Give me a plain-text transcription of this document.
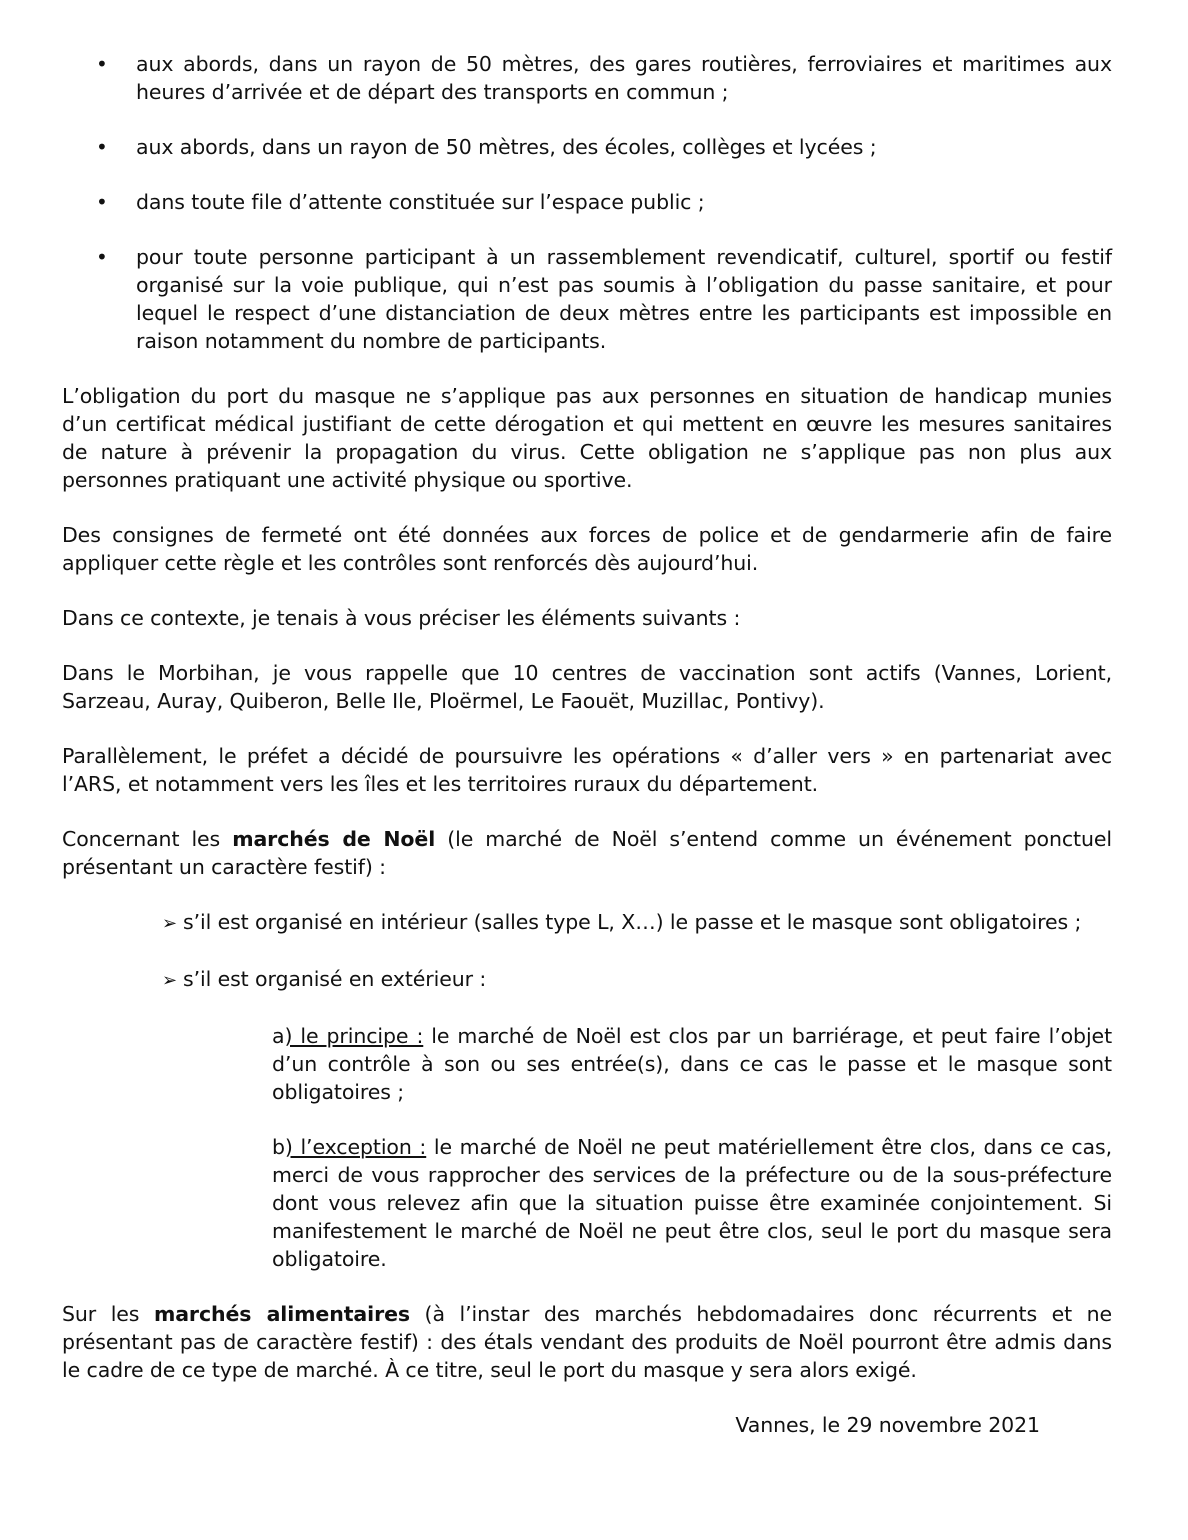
• aux abords, dans un rayon de 50 mètres, des gares routières, ferroviaires et maritimes aux heures d’arrivée et de départ des transports en commun ;
• aux abords, dans un rayon de 50 mètres, des écoles, collèges et lycées ;
• dans toute file d’attente constituée sur l’espace public ;
• pour toute personne participant à un rassemblement revendicatif, culturel, sportif ou festif organisé sur la voie publique, qui n’est pas soumis à l’obligation du passe sanitaire, et pour lequel le respect d’une distanciation de deux mètres entre les participants est impossible en raison notamment du nombre de participants.

L’obligation du port du masque ne s’applique pas aux personnes en situation de handicap munies d’un certificat médical justifiant de cette dérogation et qui mettent en œuvre les mesures sanitaires de nature à prévenir la propagation du virus. Cette obligation ne s’applique pas non plus aux personnes pratiquant une activité physique ou sportive.

Des consignes de fermeté ont été données aux forces de police et de gendarmerie afin de faire appliquer cette règle et les contrôles sont renforcés dès aujourd’hui.

Dans ce contexte, je tenais à vous préciser les éléments suivants :

Dans le Morbihan, je vous rappelle que 10 centres de vaccination sont actifs (Vannes, Lorient, Sarzeau, Auray, Quiberon, Belle Ile, Ploërmel, Le Faouët, Muzillac, Pontivy).

Parallèlement, le préfet a décidé de poursuivre les opérations « d’aller vers » en partenariat avec l’ARS, et notamment vers les îles et les territoires ruraux du département.

Concernant les marchés de Noël (le marché de Noël s’entend comme un événement ponctuel présentant un caractère festif) :

➢ s’il est organisé en intérieur (salles type L, X…) le passe et le masque sont obligatoires ;

➢ s’il est organisé en extérieur :

a) le principe : le marché de Noël est clos par un barriérage, et peut faire l’objet d’un contrôle à son ou ses entrée(s), dans ce cas le passe et le masque sont obligatoires ;

b) l’exception : le marché de Noël ne peut matériellement être clos, dans ce cas, merci de vous rapprocher des services de la préfecture ou de la sous-préfecture dont vous relevez afin que la situation puisse être examinée conjointement. Si manifestement le marché de Noël ne peut être clos, seul le port du masque sera obligatoire.

Sur les marchés alimentaires (à l’instar des marchés hebdomadaires donc récurrents et ne présentant pas de caractère festif) : des étals vendant des produits de Noël pourront être admis dans le cadre de ce type de marché. À ce titre, seul le port du masque y sera alors exigé.

Vannes, le 29 novembre 2021
